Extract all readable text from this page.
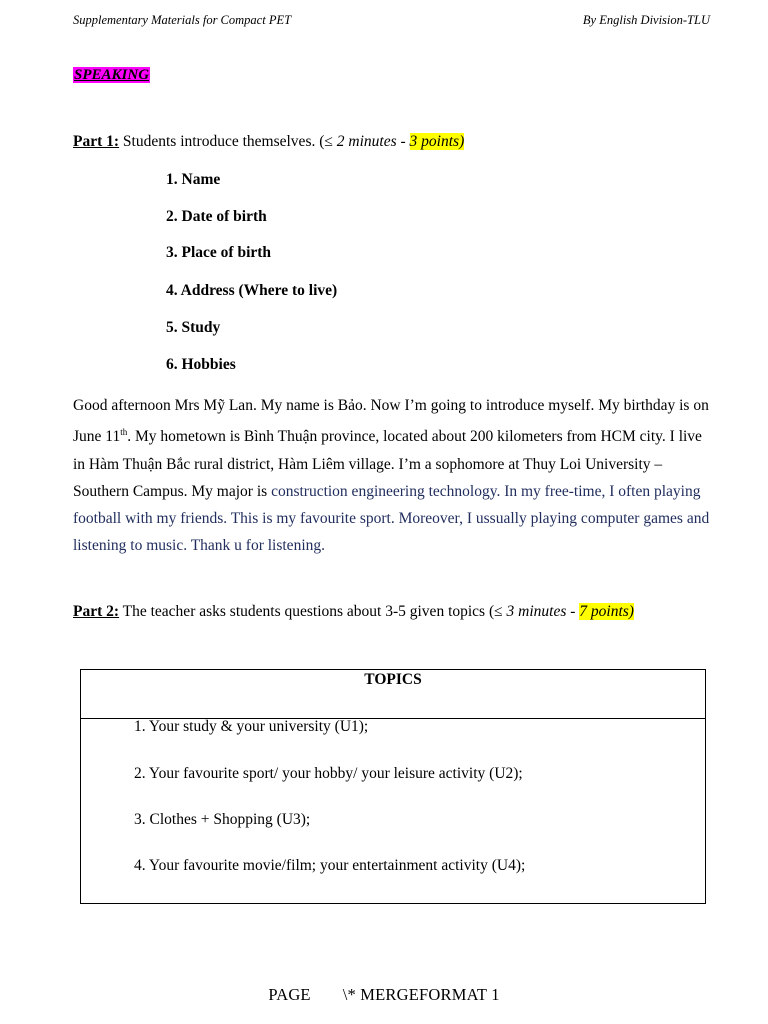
Supplementary Materials for Compact PET	By English Division-TLU
SPEAKING
Part 1: Students introduce themselves. (≤ 2 minutes - 3 points)
1. Name
2. Date of birth
3. Place of birth
4. Address (Where to live)
5. Study
6. Hobbies
Good afternoon Mrs Mỹ Lan. My name is Bảo. Now I’m going to introduce myself. My birthday is on June 11th. My hometown is Bình Thuận province, located about 200 kilometers from HCM city. I live in Hàm Thuận Bắc rural district, Hàm Liêm village. I’m a sophomore at Thuy Loi University – Southern Campus. My major is construction engineering technology. In my free-time, I often playing football with my friends. This is my favourite sport. Moreover, I ussually playing computer games and listening to music. Thank u for listening.
Part 2: The teacher asks students questions about 3-5 given topics (≤ 3 minutes - 7 points)
TOPICS
1. Your study & your university (U1);
2. Your favourite sport/ your hobby/ your leisure activity (U2);
3. Clothes + Shopping (U3);
4. Your favourite movie/film; your entertainment activity (U4);
PAGE \* MERGEFORMAT 1
